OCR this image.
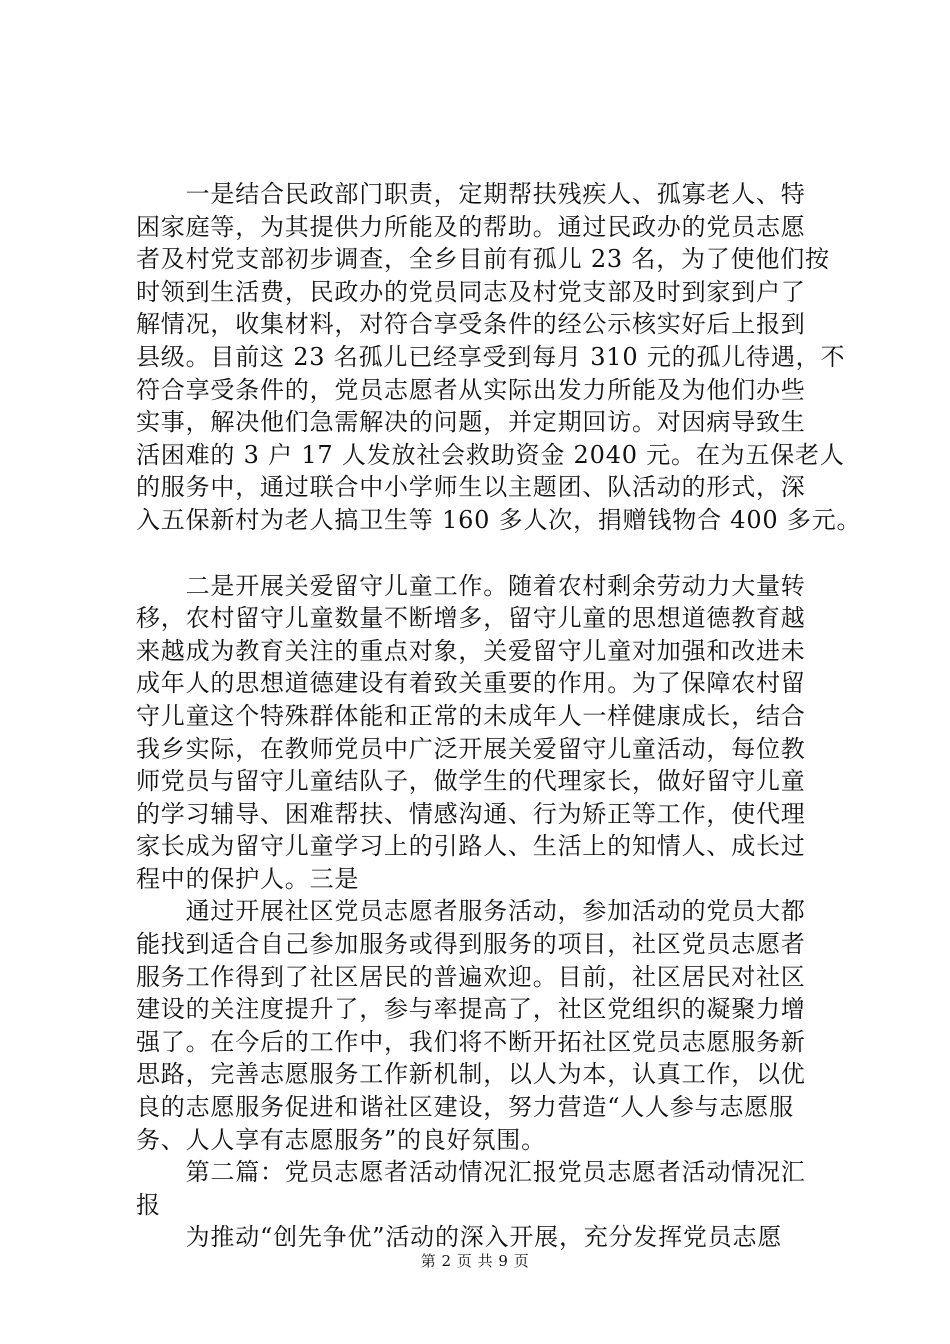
　　一是结合民政部门职责，定期帮扶残疾人、孤寡老人、特
困家庭等，为其提供力所能及的帮助。通过民政办的党员志愿
者及村党支部初步调查，全乡目前有孤儿 23 名，为了使他们按
时领到生活费，民政办的党员同志及村党支部及时到家到户了
解情况，收集材料，对符合享受条件的经公示核实好后上报到
县级。目前这 23 名孤儿已经享受到每月 310 元的孤儿待遇，不
符合享受条件的，党员志愿者从实际出发力所能及为他们办些
实事，解决他们急需解决的问题，并定期回访。对因病导致生
活困难的 3 户 17 人发放社会救助资金 2040 元。在为五保老人
的服务中，通过联合中小学师生以主题团、队活动的形式，深
入五保新村为老人搞卫生等 160 多人次，捐赠钱物合 400 多元。
　　二是开展关爱留守儿童工作。随着农村剩余劳动力大量转
移，农村留守儿童数量不断增多，留守儿童的思想道德教育越
来越成为教育关注的重点对象，关爱留守儿童对加强和改进未
成年人的思想道德建设有着致关重要的作用。为了保障农村留
守儿童这个特殊群体能和正常的未成年人一样健康成长，结合
我乡实际，在教师党员中广泛开展关爱留守儿童活动，每位教
师党员与留守儿童结队子，做学生的代理家长，做好留守儿童
的学习辅导、困难帮扶、情感沟通、行为矫正等工作，使代理
家长成为留守儿童学习上的引路人、生活上的知情人、成长过
程中的保护人。三是
　　通过开展社区党员志愿者服务活动，参加活动的党员大都
能找到适合自己参加服务或得到服务的项目，社区党员志愿者
服务工作得到了社区居民的普遍欢迎。目前，社区居民对社区
建设的关注度提升了，参与率提高了，社区党组织的凝聚力增
强了。在今后的工作中，我们将不断开拓社区党员志愿服务新
思路，完善志愿服务工作新机制，以人为本，认真工作，以优
良的志愿服务促进和谐社区建设，努力营造“人人参与志愿服
务、人人享有志愿服务”的良好氛围。
　　第二篇：党员志愿者活动情况汇报党员志愿者活动情况汇
报
　　为推动“创先争优”活动的深入开展，充分发挥党员志愿
第 2 页 共 9 页
